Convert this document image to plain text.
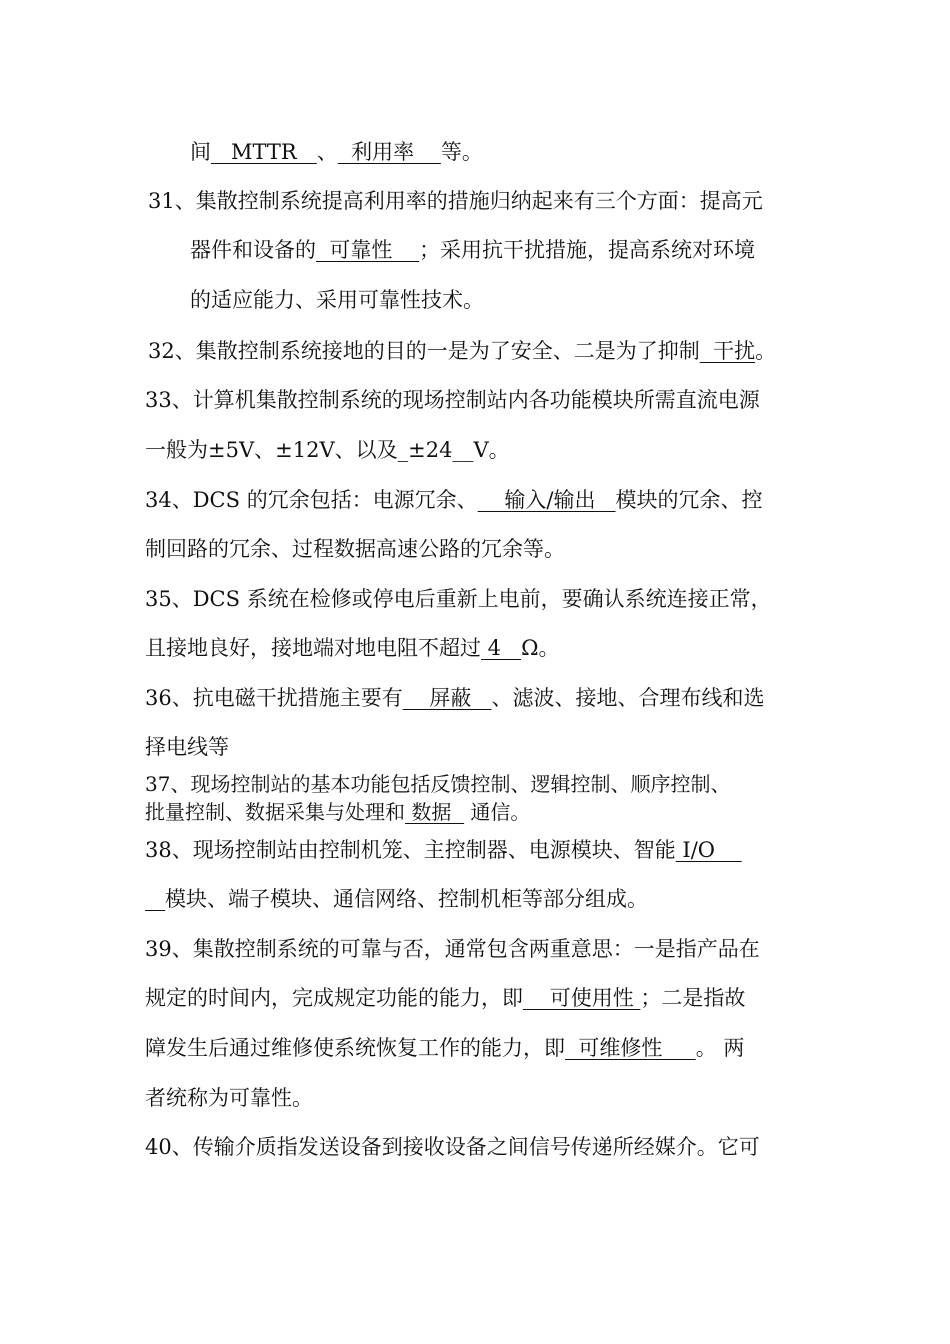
间   MTTR   、  利用率    等。
31、集散控制系统提高利用率的措施归纳起来有三个方面：提高元
器件和设备的  可靠性    ；采用抗干扰措施，提高系统对环境
的适应能力、采用可靠性技术。
32、集散控制系统接地的目的一是为了安全、二是为了抑制  干扰。
33、计算机集散控制系统的现场控制站内各功能模块所需直流电源
一般为±5V、±12V、以及_±24__V。
34、DCS 的冗余包括：电源冗余、    输入/输出   模块的冗余、控
制回路的冗余、过程数据高速公路的冗余等。
35、DCS 系统在检修或停电后重新上电前，要确认系统连接正常，
且接地良好，接地端对地电阻不超过 4   Ω。
36、抗电磁干扰措施主要有    屏蔽   、滤波、接地、合理布线和选
择电线等
37、现场控制站的基本功能包括反馈控制、逻辑控制、顺序控制、
批量控制、数据采集与处理和 数据   通信。
38、现场控制站由控制机笼、主控制器、电源模块、智能 I/O
模块、端子模块、通信网络、控制机柜等部分组成。
39、集散控制系统的可靠与否，通常包含两重意思：一是指产品在
规定的时间内，完成规定功能的能力，即    可使用性 ；二是指故
障发生后通过维修使系统恢复工作的能力，即  可维修性     。 两
者统称为可靠性。
40、传输介质指发送设备到接收设备之间信号传递所经媒介。它可
